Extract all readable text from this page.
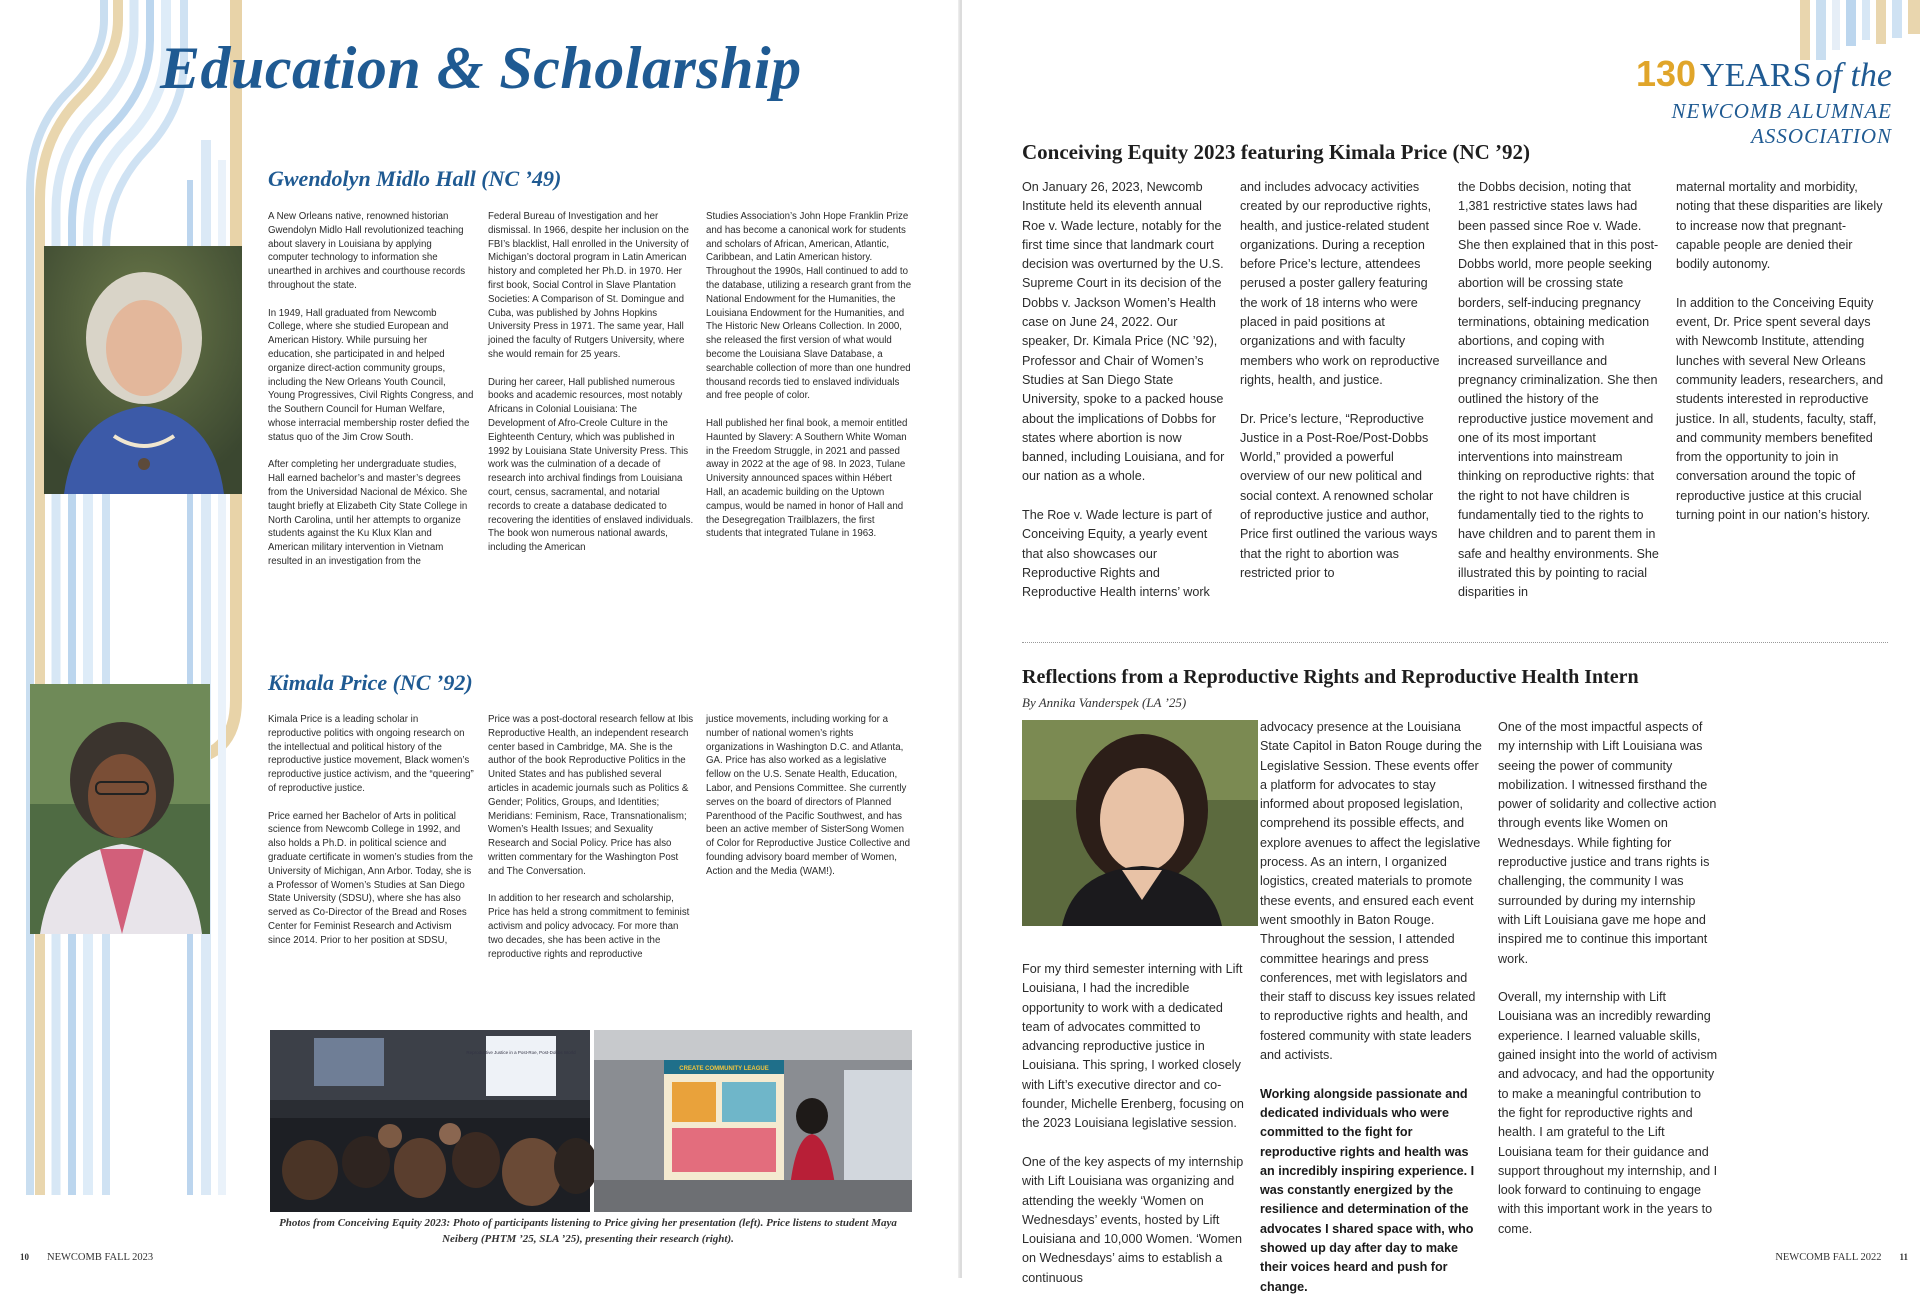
Education & Scholarship
Gwendolyn Midlo Hall (NC ’49)

A New Orleans native, renowned historian Gwendolyn Midlo Hall revolutionized teaching about slavery in Louisiana by applying computer technology to information she unearthed in archives and courthouse records throughout the state.

In 1949, Hall graduated from Newcomb College, where she studied European and American History. While pursuing her education, she participated in and helped organize direct-action community groups, including the New Orleans Youth Council, Young Progressives, Civil Rights Congress, and the Southern Council for Human Welfare, whose interracial membership roster defied the status quo of the Jim Crow South.

After completing her undergraduate studies, Hall earned bachelor’s and master’s degrees from the Universidad Nacional de México. She taught briefly at Elizabeth City State College in North Carolina, until her attempts to organize students against the Ku Klux Klan and American military intervention in Vietnam resulted in an investigation from the

Federal Bureau of Investigation and her dismissal. In 1966, despite her inclusion on the FBI’s blacklist, Hall enrolled in the University of Michigan’s doctoral program in Latin American history and completed her Ph.D. in 1970. Her first book, Social Control in Slave Plantation Societies: A Comparison of St. Domingue and Cuba, was published by Johns Hopkins University Press in 1971. The same year, Hall joined the faculty of Rutgers University, where she would remain for 25 years.

During her career, Hall published numerous books and academic resources, most notably Africans in Colonial Louisiana: The Development of Afro-Creole Culture in the Eighteenth Century, which was published in 1992 by Louisiana State University Press. This work was the culmination of a decade of research into archival findings from Louisiana court, census, sacramental, and notarial records to create a database dedicated to recovering the identities of enslaved individuals. The book won numerous national awards, including the American

Studies Association’s John Hope Franklin Prize and has become a canonical work for students and scholars of African, American, Atlantic, Caribbean, and Latin American history. Throughout the 1990s, Hall continued to add to the database, utilizing a research grant from the National Endowment for the Humanities, the Louisiana Endowment for the Humanities, and The Historic New Orleans Collection. In 2000, she released the first version of what would become the Louisiana Slave Database, a searchable collection of more than one hundred thousand records tied to enslaved individuals and free people of color.

Hall published her final book, a memoir entitled Haunted by Slavery: A Southern White Woman in the Freedom Struggle, in 2021 and passed away in 2022 at the age of 98. In 2023, Tulane University announced spaces within Hébert Hall, an academic building on the Uptown campus, would be named in honor of Hall and the Desegregation Trailblazers, the first students that integrated Tulane in 1963.

Kimala Price (NC ’92)

Kimala Price is a leading scholar in reproductive politics with ongoing research on the intellectual and political history of the reproductive justice movement, Black women’s reproductive justice activism, and the “queering” of reproductive justice.

Price earned her Bachelor of Arts in political science from Newcomb College in 1992, and also holds a Ph.D. in political science and graduate certificate in women’s studies from the University of Michigan, Ann Arbor. Today, she is a Professor of Women’s Studies at San Diego State University (SDSU), where she has also served as Co-Director of the Bread and Roses Center for Feminist Research and Activism since 2014. Prior to her position at SDSU,

Price was a post-doctoral research fellow at Ibis Reproductive Health, an independent research center based in Cambridge, MA. She is the author of the book Reproductive Politics in the United States and has published several articles in academic journals such as Politics & Gender; Politics, Groups, and Identities; Meridians: Feminism, Race, Transnationalism; Women’s Health Issues; and Sexuality Research and Social Policy. Price has also written commentary for the Washington Post and The Conversation.

In addition to her research and scholarship, Price has held a strong commitment to feminist activism and policy advocacy. For more than two decades, she has been active in the reproductive rights and reproductive

justice movements, including working for a number of national women’s rights organizations in Washington D.C. and Atlanta, GA. Price has also worked as a legislative fellow on the U.S. Senate Health, Education, Labor, and Pensions Committee. She currently serves on the board of directors of Planned Parenthood of the Pacific Southwest, and has been an active member of SisterSong Women of Color for Reproductive Justice Collective and founding advisory board member of Women, Action and the Media (WAM!).

Reproductive Justice in a Post-Roe, Post-Dobbs World
CREATE COMMUNITY LEAGUE
Photos from Conceiving Equity 2023: Photo of participants listening to Price giving her presentation (left). Price listens to student Maya Neiberg (PHTM ’25, SLA ’25), presenting their research (right).
10 NEWCOMB FALL 2023
130 YEARS of the
NEWCOMB ALUMNAE
ASSOCIATION
Conceiving Equity 2023 featuring Kimala Price (NC ’92)

On January 26, 2023, Newcomb Institute held its eleventh annual Roe v. Wade lecture, notably for the first time since that landmark court decision was overturned by the U.S. Supreme Court in its decision of the Dobbs v. Jackson Women’s Health case on June 24, 2022. Our speaker, Dr. Kimala Price (NC ’92), Professor and Chair of Women’s Studies at San Diego State University, spoke to a packed house about the implications of Dobbs for states where abortion is now banned, including Louisiana, and for our nation as a whole.

The Roe v. Wade lecture is part of Conceiving Equity, a yearly event that also showcases our Reproductive Rights and Reproductive Health interns’ work

and includes advocacy activities created by our reproductive rights, health, and justice-related student organizations. During a reception before Price’s lecture, attendees perused a poster gallery featuring the work of 18 interns who were placed in paid positions at organizations and with faculty members who work on reproductive rights, health, and justice.

Dr. Price’s lecture, “Reproductive Justice in a Post-Roe/Post-Dobbs World,” provided a powerful overview of our new political and social context. A renowned scholar of reproductive justice and author, Price first outlined the various ways that the right to abortion was restricted prior to

the Dobbs decision, noting that 1,381 restrictive states laws had been passed since Roe v. Wade. She then explained that in this post-Dobbs world, more people seeking abortion will be crossing state borders, self-inducing pregnancy terminations, obtaining medication abortions, and coping with increased surveillance and pregnancy criminalization. She then outlined the history of the reproductive justice movement and one of its most important interventions into mainstream thinking on reproductive rights: that the right to not have children is fundamentally tied to the rights to have children and to parent them in safe and healthy environments. She illustrated this by pointing to racial disparities in

maternal mortality and morbidity, noting that these disparities are likely to increase now that pregnant-capable people are denied their bodily autonomy.

In addition to the Conceiving Equity event, Dr. Price spent several days with Newcomb Institute, attending lunches with several New Orleans community leaders, researchers, and students interested in reproductive justice. In all, students, faculty, staff, and community members benefited from the opportunity to join in conversation around the topic of reproductive justice at this crucial turning point in our nation’s history.

Reflections from a Reproductive Rights and Reproductive Health Intern
By Annika Vanderspek (LA ’25)

For my third semester interning with Lift Louisiana, I had the incredible opportunity to work with a dedicated team of advocates committed to advancing reproductive justice in Louisiana. This spring, I worked closely with Lift’s executive director and co-founder, Michelle Erenberg, focusing on the 2023 Louisiana legislative session.

One of the key aspects of my internship with Lift Louisiana was organizing and attending the weekly ‘Women on Wednesdays’ events, hosted by Lift Louisiana and 10,000 Women. ‘Women on Wednesdays’ aims to establish a continuous

advocacy presence at the Louisiana State Capitol in Baton Rouge during the Legislative Session. These events offer a platform for advocates to stay informed about proposed legislation, comprehend its possible effects, and explore avenues to affect the legislative process. As an intern, I organized logistics, created materials to promote these events, and ensured each event went smoothly in Baton Rouge. Throughout the session, I attended committee hearings and press conferences, met with legislators and their staff to discuss key issues related to reproductive rights and health, and fostered community with state leaders and activists.

Working alongside passionate and dedicated individuals who were committed to the fight for reproductive rights and health was an incredibly inspiring experience. I was constantly energized by the resilience and determination of the advocates I shared space with, who showed up day after day to make their voices heard and push for change.

One of the most impactful aspects of my internship with Lift Louisiana was seeing the power of community mobilization. I witnessed firsthand the power of solidarity and collective action through events like Women on Wednesdays. While fighting for reproductive justice and trans rights is challenging, the community I was surrounded by during my internship with Lift Louisiana gave me hope and inspired me to continue this important work.

Overall, my internship with Lift Louisiana was an incredibly rewarding experience. I learned valuable skills, gained insight into the world of activism and advocacy, and had the opportunity to make a meaningful contribution to the fight for reproductive rights and health. I am grateful to the Lift Louisiana team for their guidance and support throughout my internship, and I look forward to continuing to engage with this important work in the years to come.

NEWCOMB FALL 2022 11
